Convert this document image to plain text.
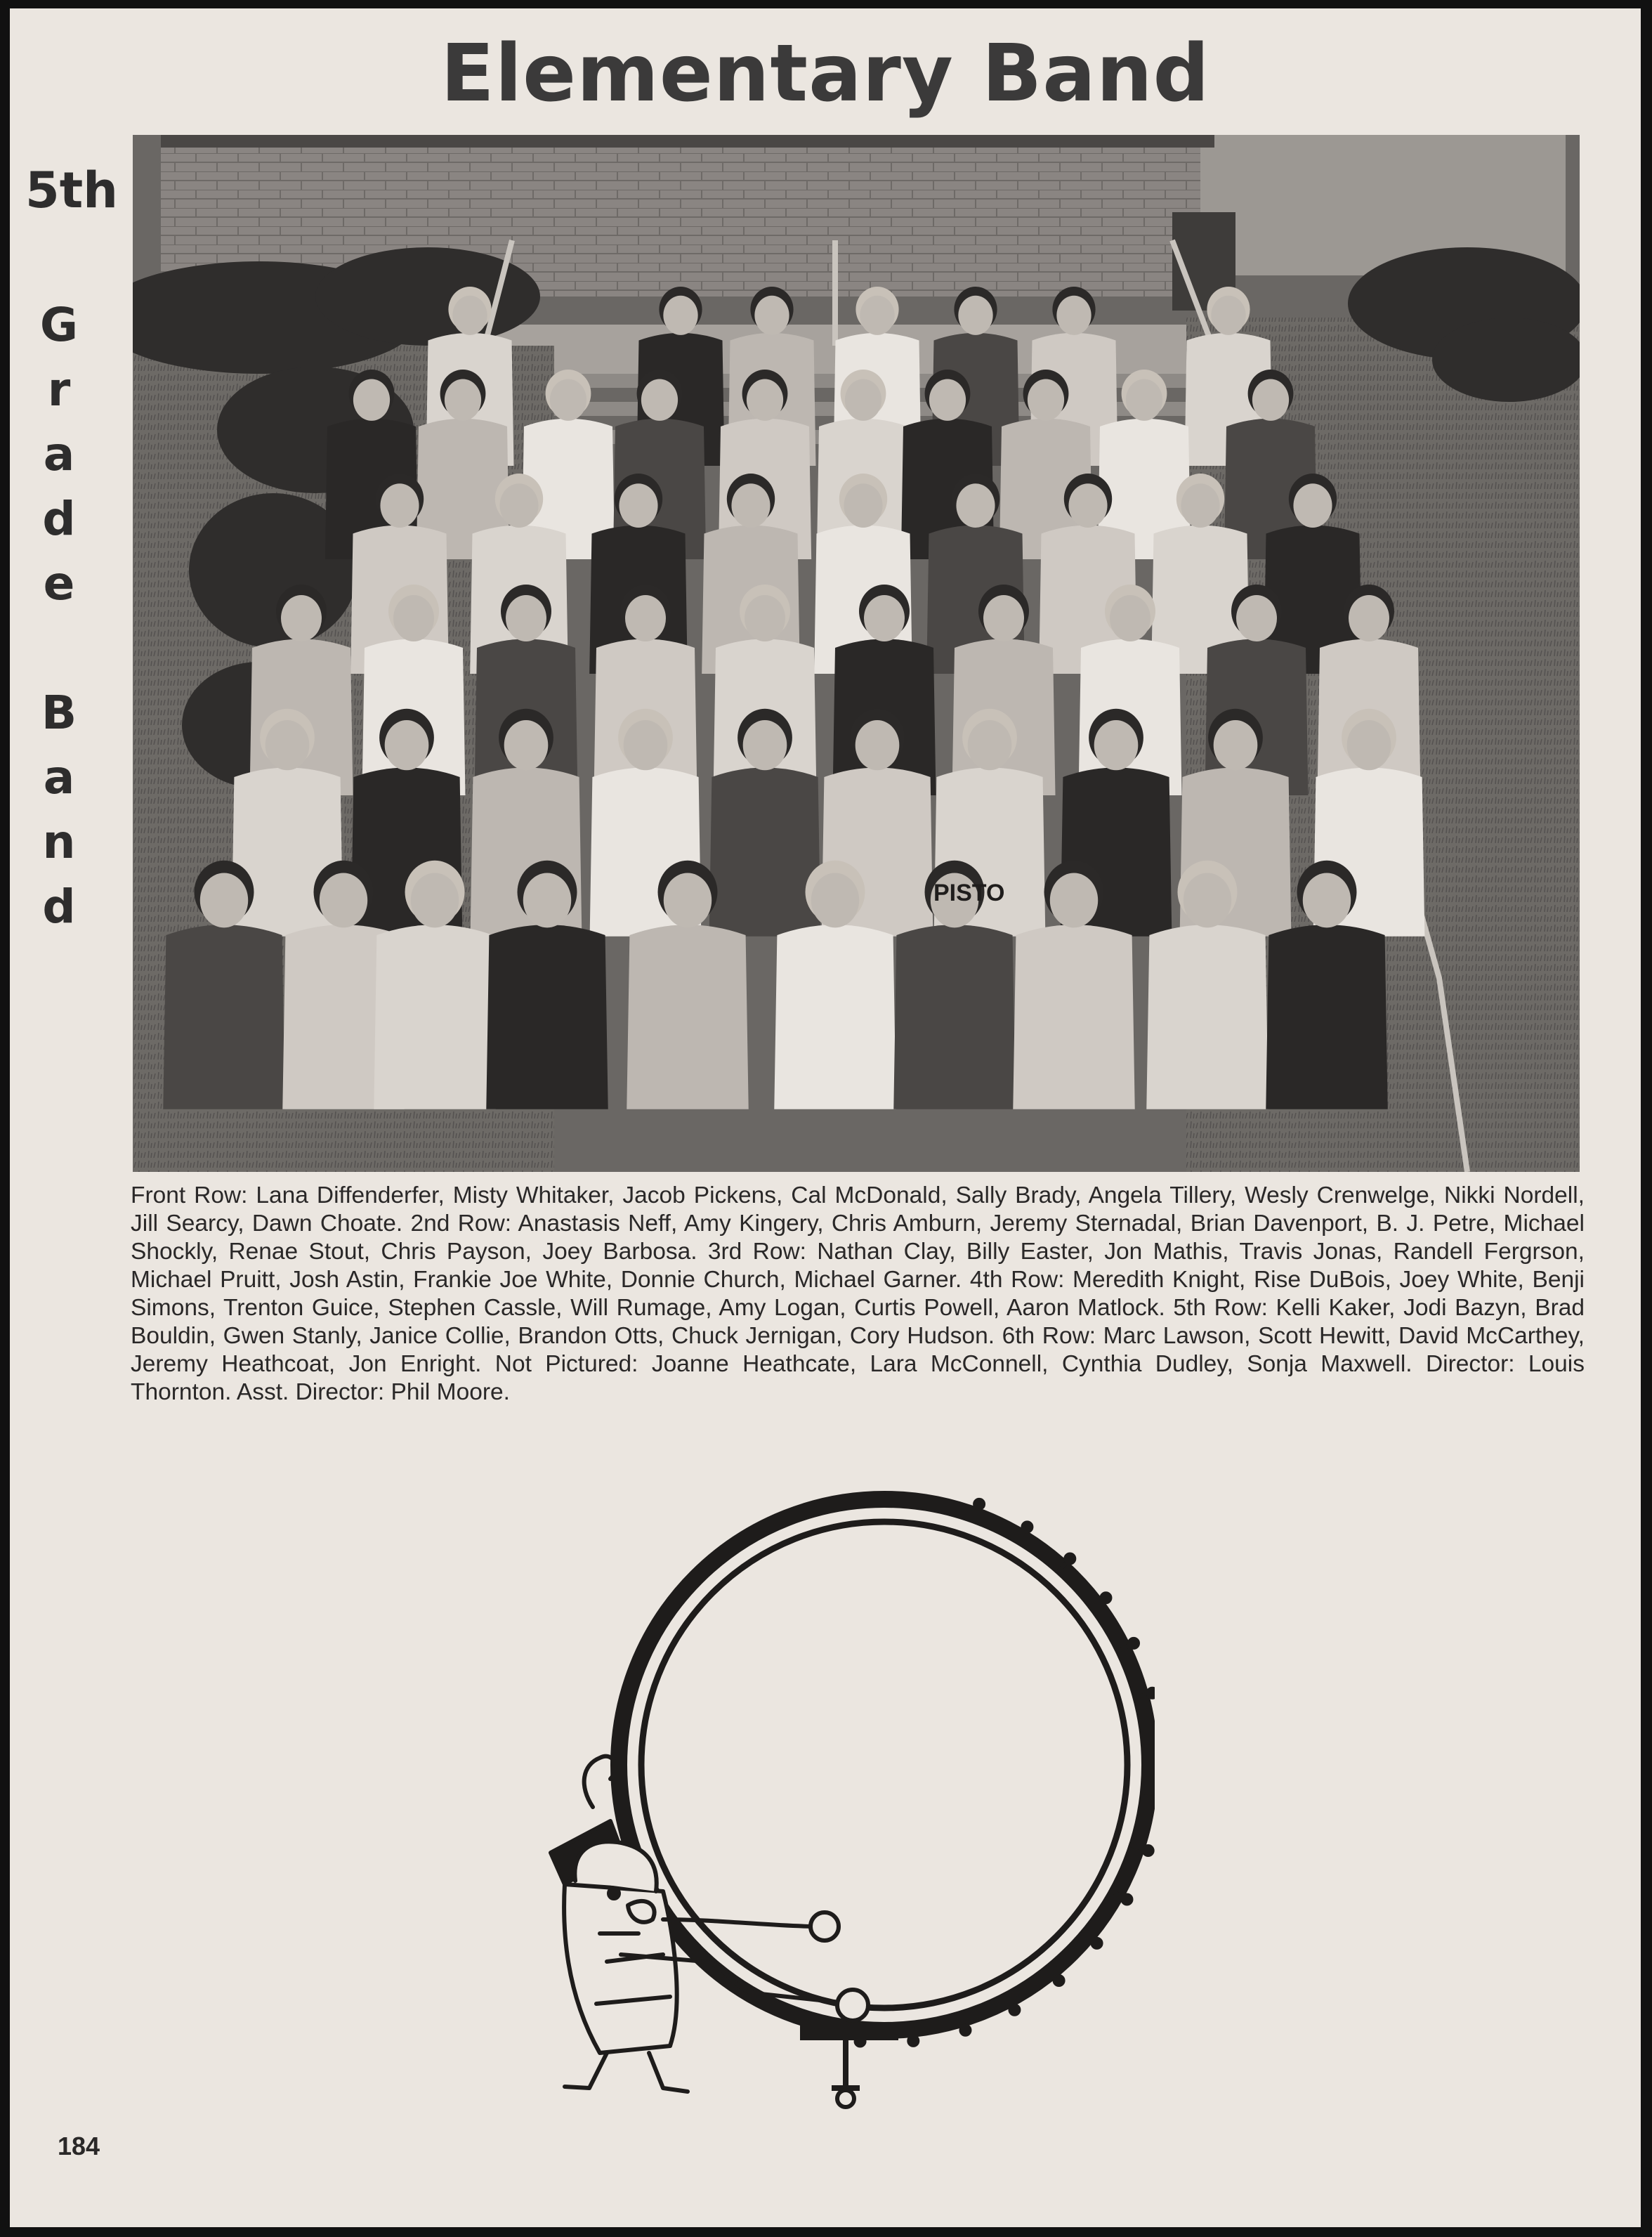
Elementary Band
5th
G
r
a
d
e

B
a
n
d	PISTO
Front Row: Lana Diffenderfer, Misty Whitaker, Jacob Pickens, Cal McDonald, Sally Brady, Angela Tillery, Wesly Crenwelge, Nikki Nordell, Jill Searcy, Dawn Choate. 2nd Row: Anastasis Neff, Amy Kingery, Chris Amburn, Jeremy Sternadal, Brian Davenport, B. J. Petre, Michael Shockly, Renae Stout, Chris Payson, Joey Barbosa. 3rd Row: Nathan Clay, Billy Easter, Jon Mathis, Travis Jonas, Randell Fergrson, Michael Pruitt, Josh Astin, Frankie Joe White, Donnie Church, Michael Garner. 4th Row: Meredith Knight, Rise DuBois, Joey White, Benji Simons, Trenton Guice, Stephen Cassle, Will Rumage, Amy Logan, Curtis Powell, Aaron Matlock. 5th Row: Kelli Kaker, Jodi Bazyn, Brad Bouldin, Gwen Stanly, Janice Collie, Brandon Otts, Chuck Jernigan, Cory Hudson. 6th Row: Marc Lawson, Scott Hewitt, David McCarthey, Jeremy Heathcoat, Jon Enright. Not Pictured: Joanne Heathcate, Lara McConnell, Cynthia Dudley, Sonja Maxwell. Director: Louis Thornton. Asst. Director: Phil Moore.
184
